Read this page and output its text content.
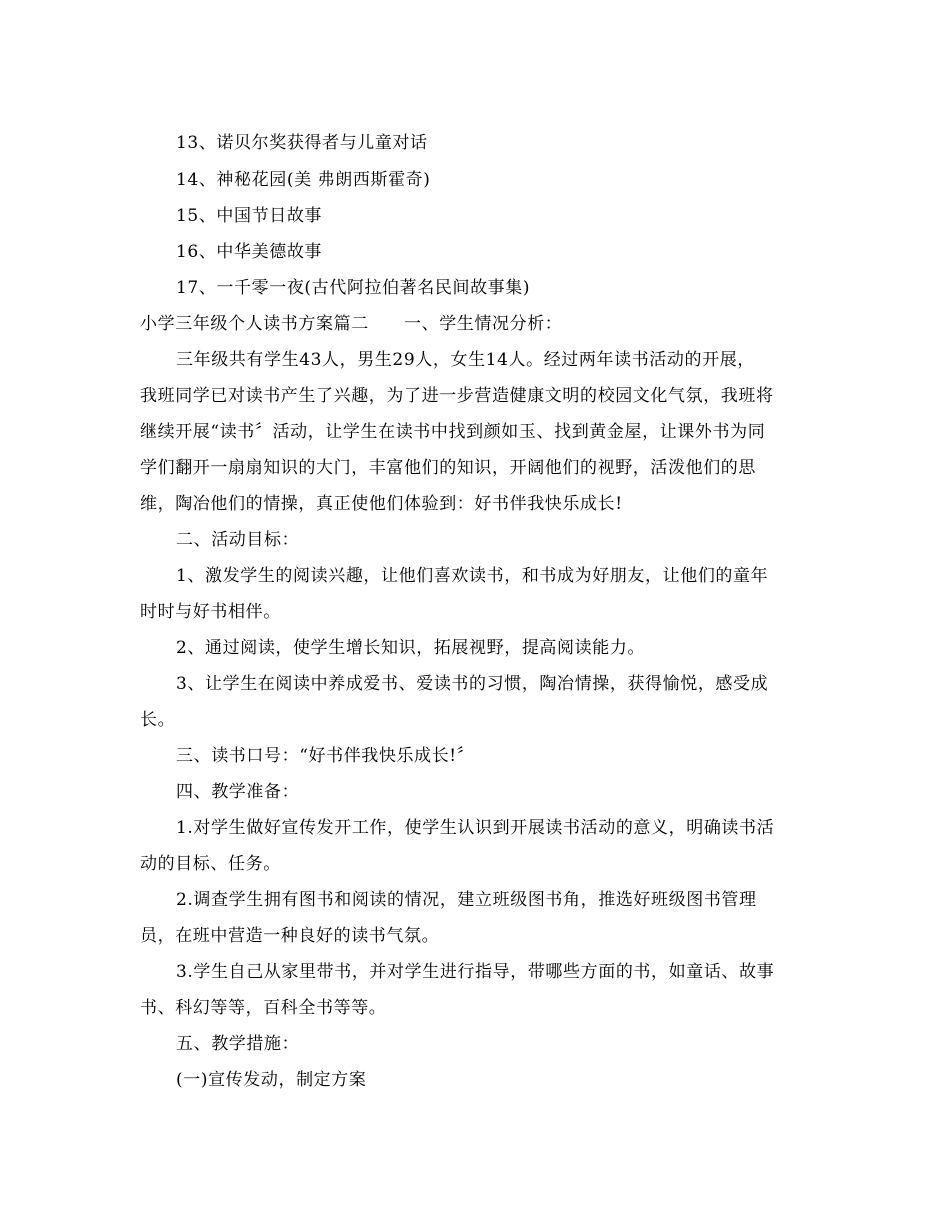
13、诺贝尔奖获得者与儿童对话
14、神秘花园(美 弗朗西斯霍奇)
15、中国节日故事
16、中华美德故事
17、一千零一夜(古代阿拉伯著名民间故事集)
小学三年级个人读书方案篇二　　一、学生情况分析：
三年级共有学生43人，男生29人，女生14人。经过两年读书活动的开展，
我班同学已对读书产生了兴趣，为了进一步营造健康文明的校园文化气氛，我班将
继续开展“读书〞活动，让学生在读书中找到颜如玉、找到黄金屋，让课外书为同
学们翻开一扇扇知识的大门，丰富他们的知识，开阔他们的视野，活泼他们的思
维，陶冶他们的情操，真正使他们体验到：好书伴我快乐成长!
二、活动目标：
1、激发学生的阅读兴趣，让他们喜欢读书，和书成为好朋友，让他们的童年
时时与好书相伴。
2、通过阅读，使学生增长知识，拓展视野，提高阅读能力。
3、让学生在阅读中养成爱书、爱读书的习惯，陶冶情操，获得愉悦，感受成
长。
三、读书口号：“好书伴我快乐成长!〞
四、教学准备：
1.对学生做好宣传发开工作，使学生认识到开展读书活动的意义，明确读书活
动的目标、任务。
2.调查学生拥有图书和阅读的情况，建立班级图书角，推选好班级图书管理
员，在班中营造一种良好的读书气氛。
3.学生自己从家里带书，并对学生进行指导，带哪些方面的书，如童话、故事
书、科幻等等，百科全书等等。
五、教学措施：
(一)宣传发动，制定方案
